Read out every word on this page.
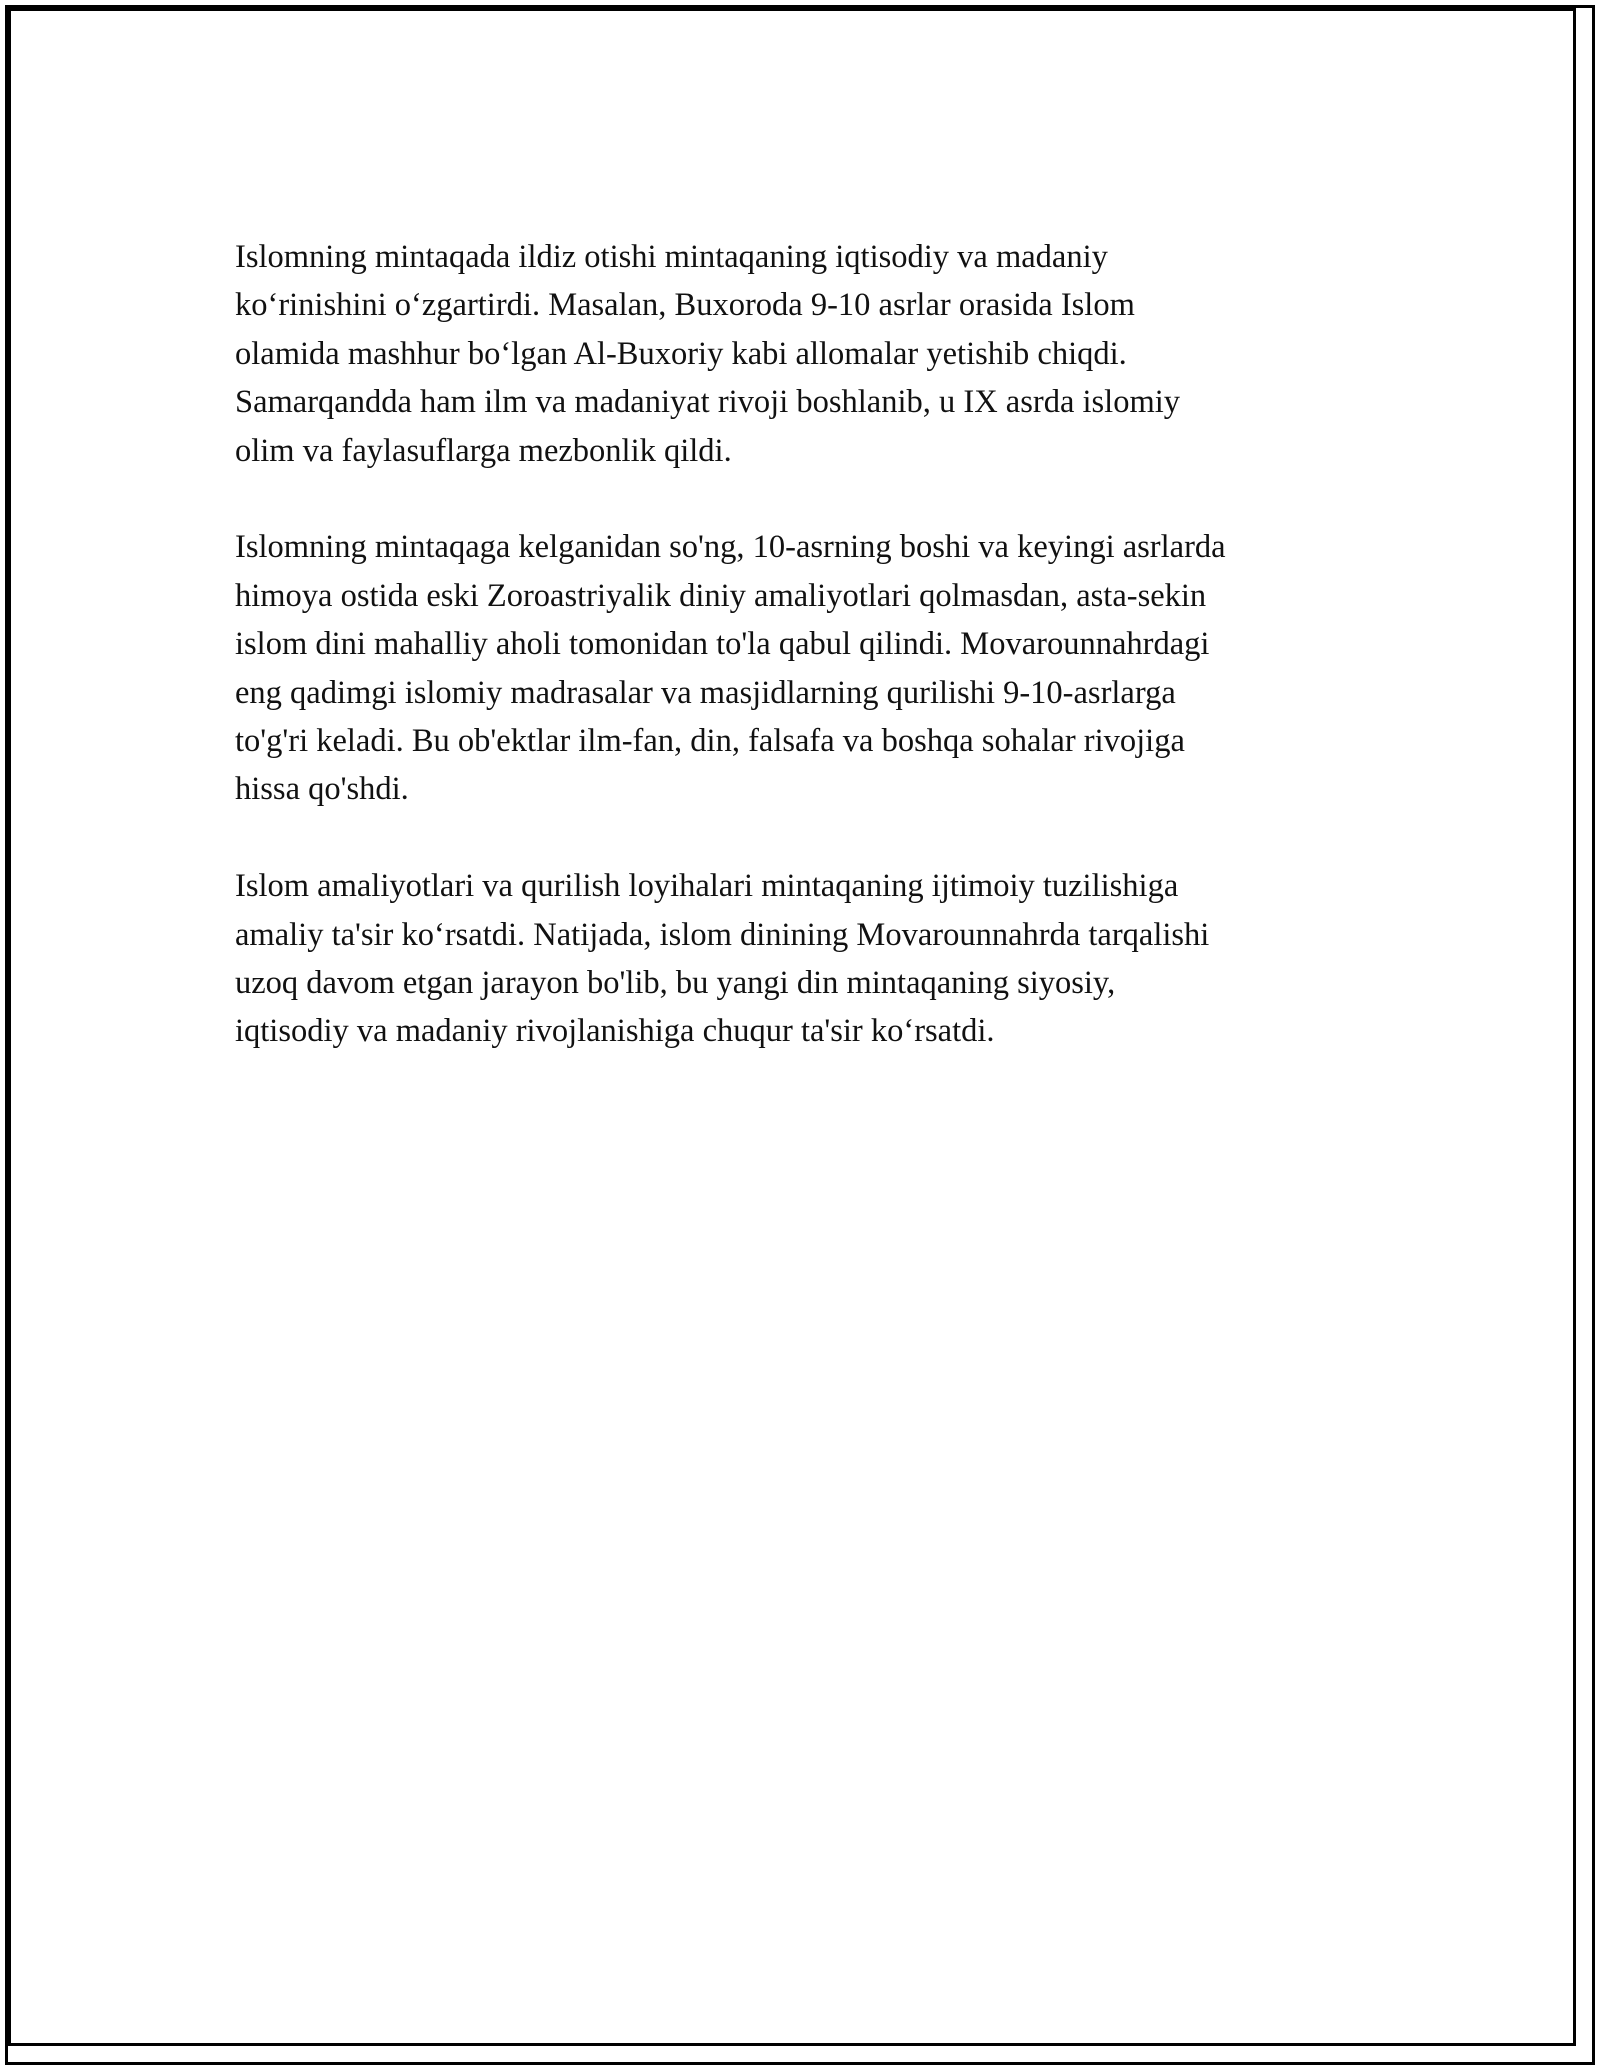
Islomning mintaqada ildiz otishi mintaqaning iqtisodiy va madaniy
ko‘rinishini o‘zgartirdi. Masalan, Buxoroda 9-10 asrlar orasida Islom
olamida mashhur bo‘lgan Al-Buxoriy kabi allomalar yetishib chiqdi.
Samarqandda ham ilm va madaniyat rivoji boshlanib, u IX asrda islomiy
olim va faylasuflarga mezbonlik qildi.

Islomning mintaqaga kelganidan so'ng, 10-asrning boshi va keyingi asrlarda
himoya ostida eski Zoroastriyalik diniy amaliyotlari qolmasdan, asta-sekin
islom dini mahalliy aholi tomonidan to'la qabul qilindi. Movarounnahrdagi
eng qadimgi islomiy madrasalar va masjidlarning qurilishi 9-10-asrlarga
to'g'ri keladi. Bu ob'ektlar ilm-fan, din, falsafa va boshqa sohalar rivojiga
hissa qo'shdi.

Islom amaliyotlari va qurilish loyihalari mintaqaning ijtimoiy tuzilishiga
amaliy ta'sir ko‘rsatdi. Natijada, islom dinining Movarounnahrda tarqalishi
uzoq davom etgan jarayon bo'lib, bu yangi din mintaqaning siyosiy,
iqtisodiy va madaniy rivojlanishiga chuqur ta'sir ko‘rsatdi.
